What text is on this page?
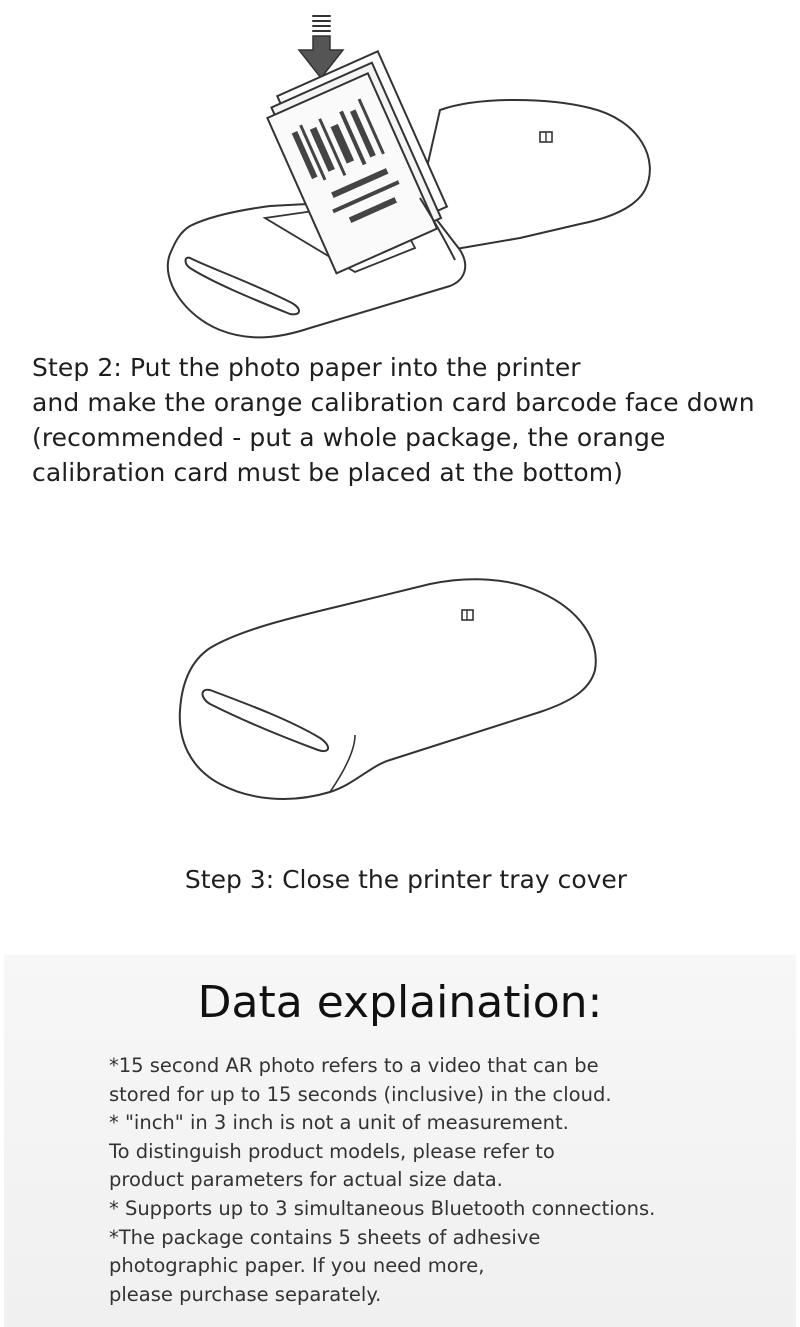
Step 2: Put the photo paper into the printer
and make the orange calibration card barcode face down
(recommended - put a whole package, the orange
calibration card must be placed at the bottom)
Step 3: Close the printer tray cover
Data explaination:
*15 second AR photo refers to a video that can be
stored for up to 15 seconds (inclusive) in the cloud.
* "inch" in 3 inch is not a unit of measurement.
To distinguish product models, please refer to
product parameters for actual size data.
* Supports up to 3 simultaneous Bluetooth connections.
*The package contains 5 sheets of adhesive
photographic paper. If you need more,
please purchase separately.
